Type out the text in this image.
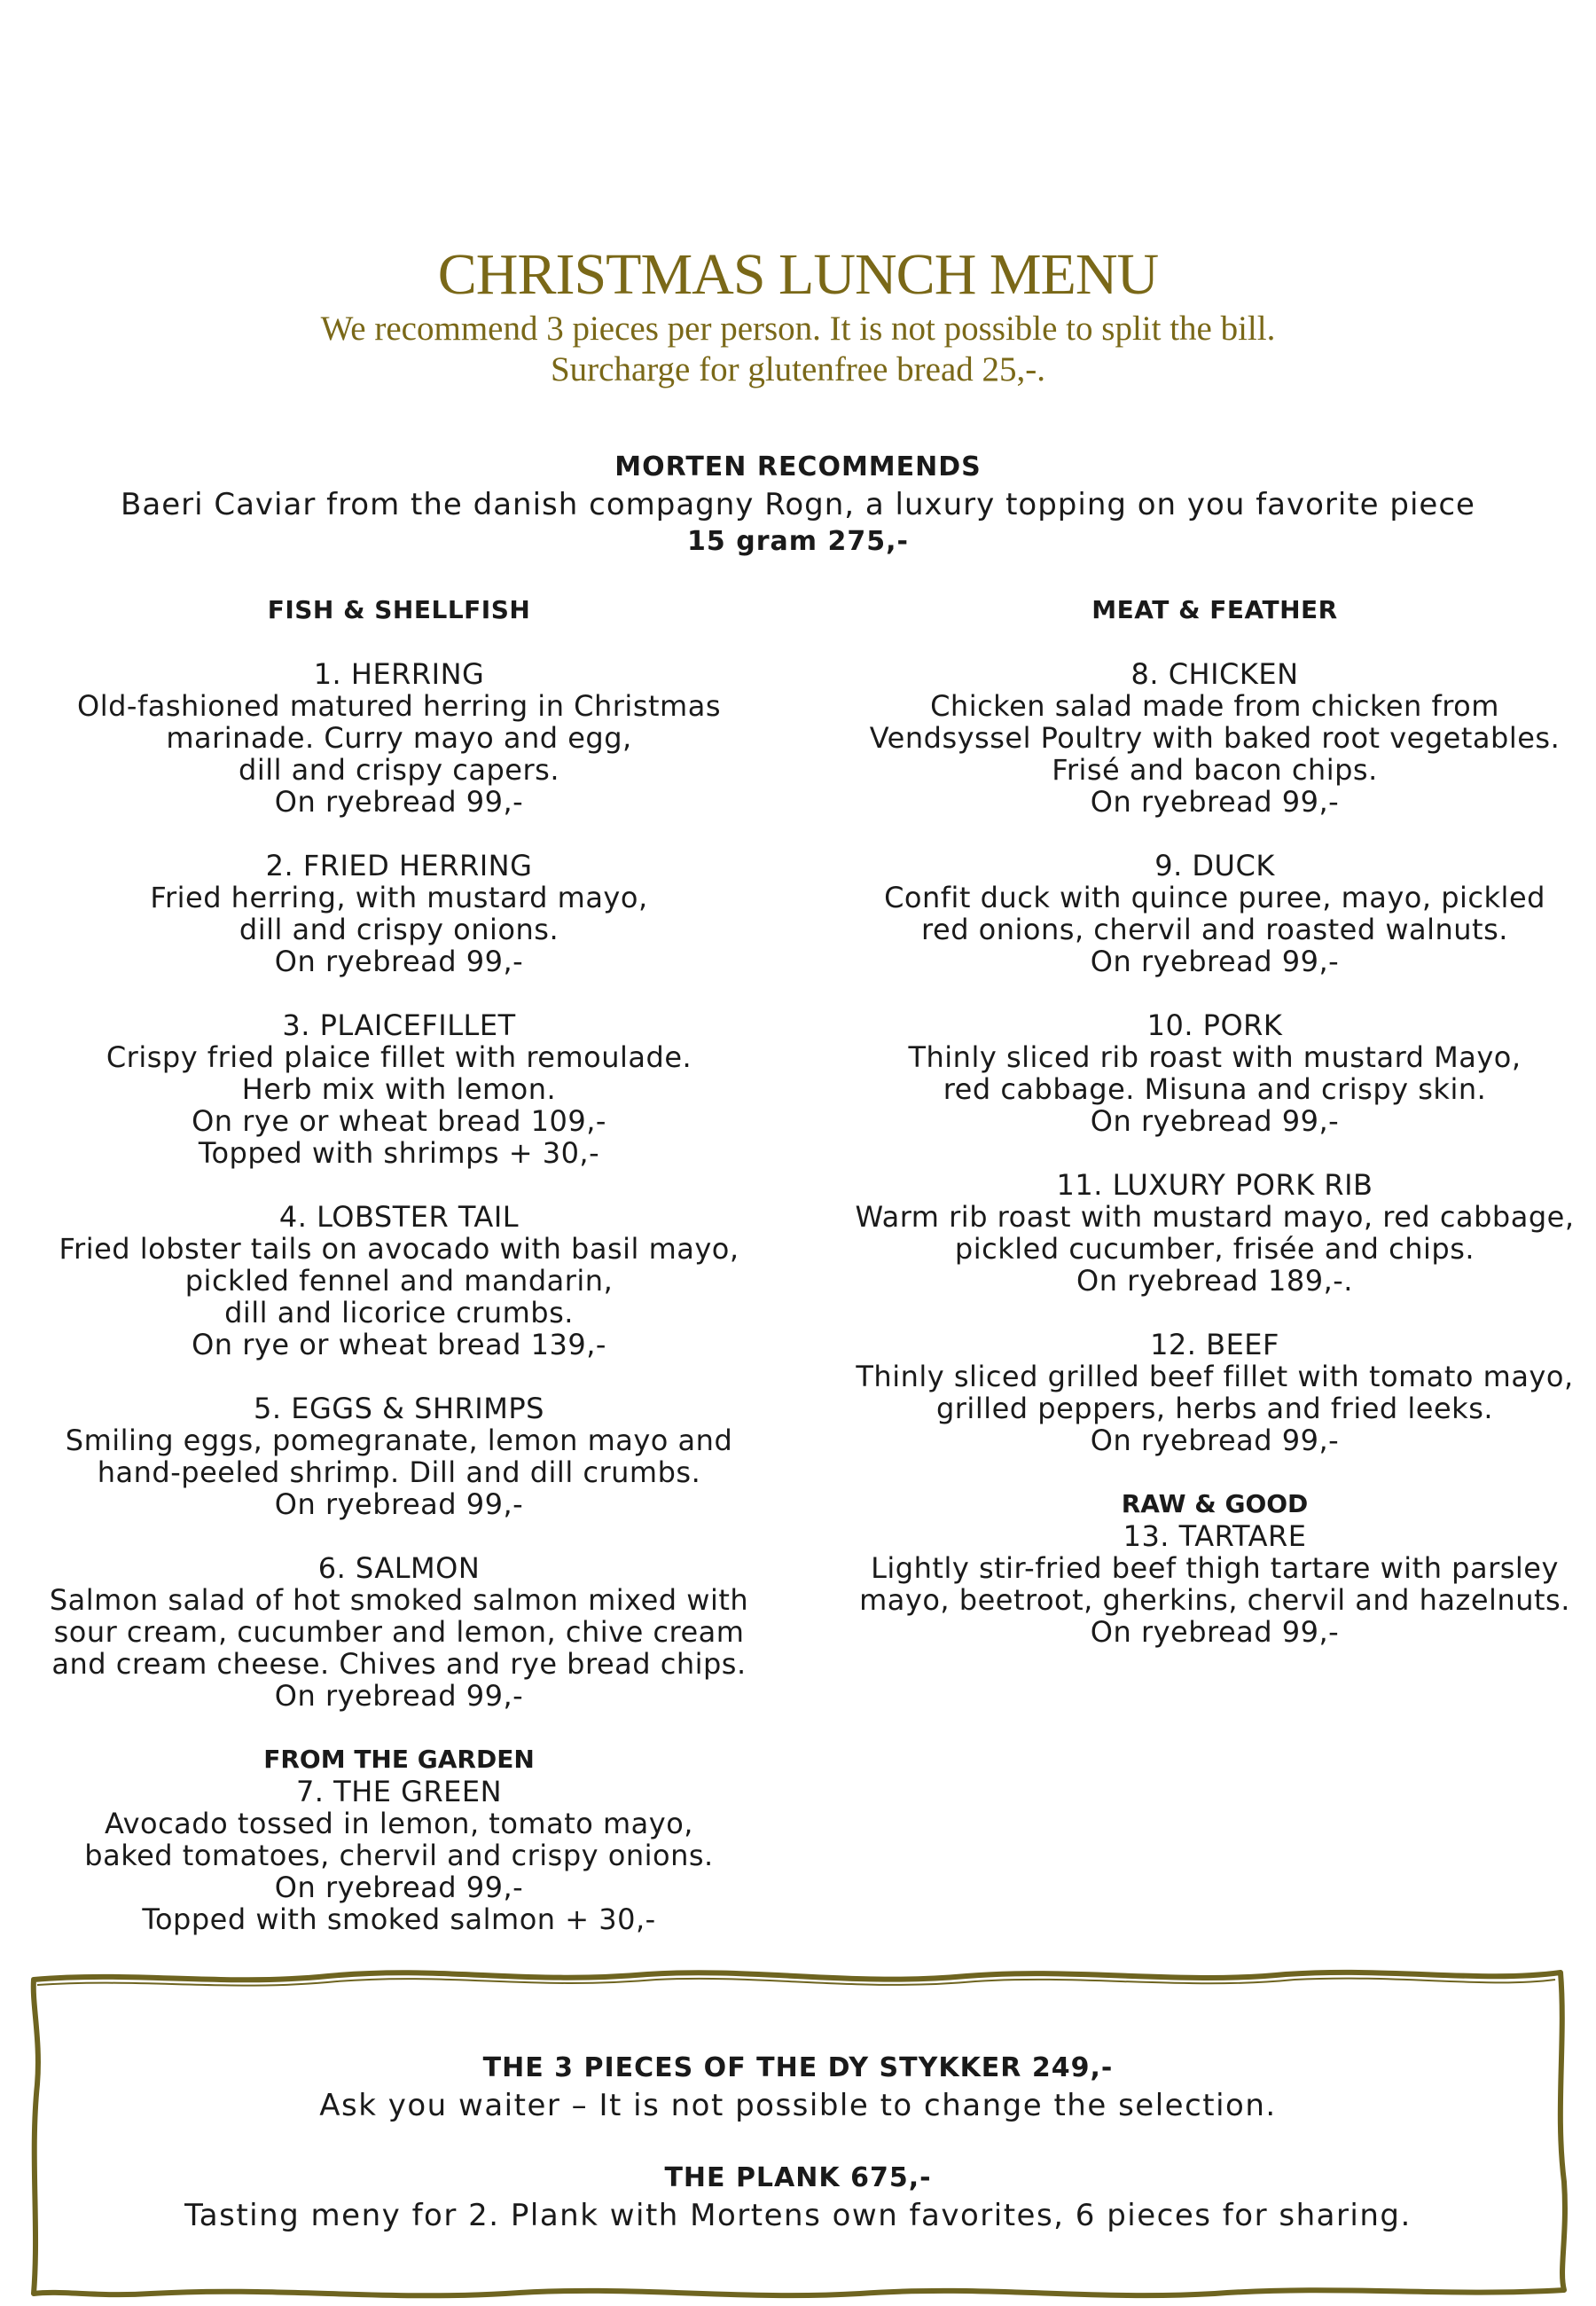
CHRISTMAS LUNCH MENU
We recommend 3 pieces per person. It is not possible to split the bill.
Surcharge for glutenfree bread 25,-.
MORTEN RECOMMENDS
Baeri Caviar from the danish compagny Rogn, a luxury topping on you favorite piece
15 gram 275,-
FISH & SHELLFISH
1. HERRING
Old-fashioned matured herring in Christmas
marinade. Curry mayo and egg,
dill and crispy capers.
On ryebread 99,-
2. FRIED HERRING
Fried herring, with mustard mayo,
dill and crispy onions.
On ryebread 99,-
3. PLAICEFILLET
Crispy fried plaice fillet with remoulade.
Herb mix with lemon.
On rye or wheat bread 109,-
Topped with shrimps + 30,-
4. LOBSTER TAIL
Fried lobster tails on avocado with basil mayo,
pickled fennel and mandarin,
dill and licorice crumbs.
On rye or wheat bread 139,-
5. EGGS & SHRIMPS
Smiling eggs, pomegranate, lemon mayo and
hand-peeled shrimp. Dill and dill crumbs.
On ryebread 99,-
6. SALMON
Salmon salad of hot smoked salmon mixed with
sour cream, cucumber and lemon, chive cream
and cream cheese. Chives and rye bread chips.
On ryebread 99,-
FROM THE GARDEN
7. THE GREEN
Avocado tossed in lemon, tomato mayo,
baked tomatoes, chervil and crispy onions.
On ryebread 99,-
Topped with smoked salmon + 30,-
MEAT & FEATHER
8. CHICKEN
Chicken salad made from chicken from
Vendsyssel Poultry with baked root vegetables.
Frisé and bacon chips.
On ryebread 99,-
9. DUCK
Confit duck with quince puree, mayo, pickled
red onions, chervil and roasted walnuts.
On ryebread 99,-
10. PORK
Thinly sliced rib roast with mustard Mayo,
red cabbage. Misuna and crispy skin.
On ryebread 99,-
11. LUXURY PORK RIB
Warm rib roast with mustard mayo, red cabbage,
pickled cucumber, frisée and chips.
On ryebread 189,-.
12. BEEF
Thinly sliced grilled beef fillet with tomato mayo,
grilled peppers, herbs and fried leeks.
On ryebread 99,-
RAW & GOOD
13. TARTARE
Lightly stir-fried beef thigh tartare with parsley
mayo, beetroot, gherkins, chervil and hazelnuts.
On ryebread 99,-
THE 3 PIECES OF THE DY STYKKER 249,-
Ask you waiter – It is not possible to change the selection.
THE PLANK 675,-
Tasting meny for 2. Plank with Mortens own favorites, 6 pieces for sharing.
